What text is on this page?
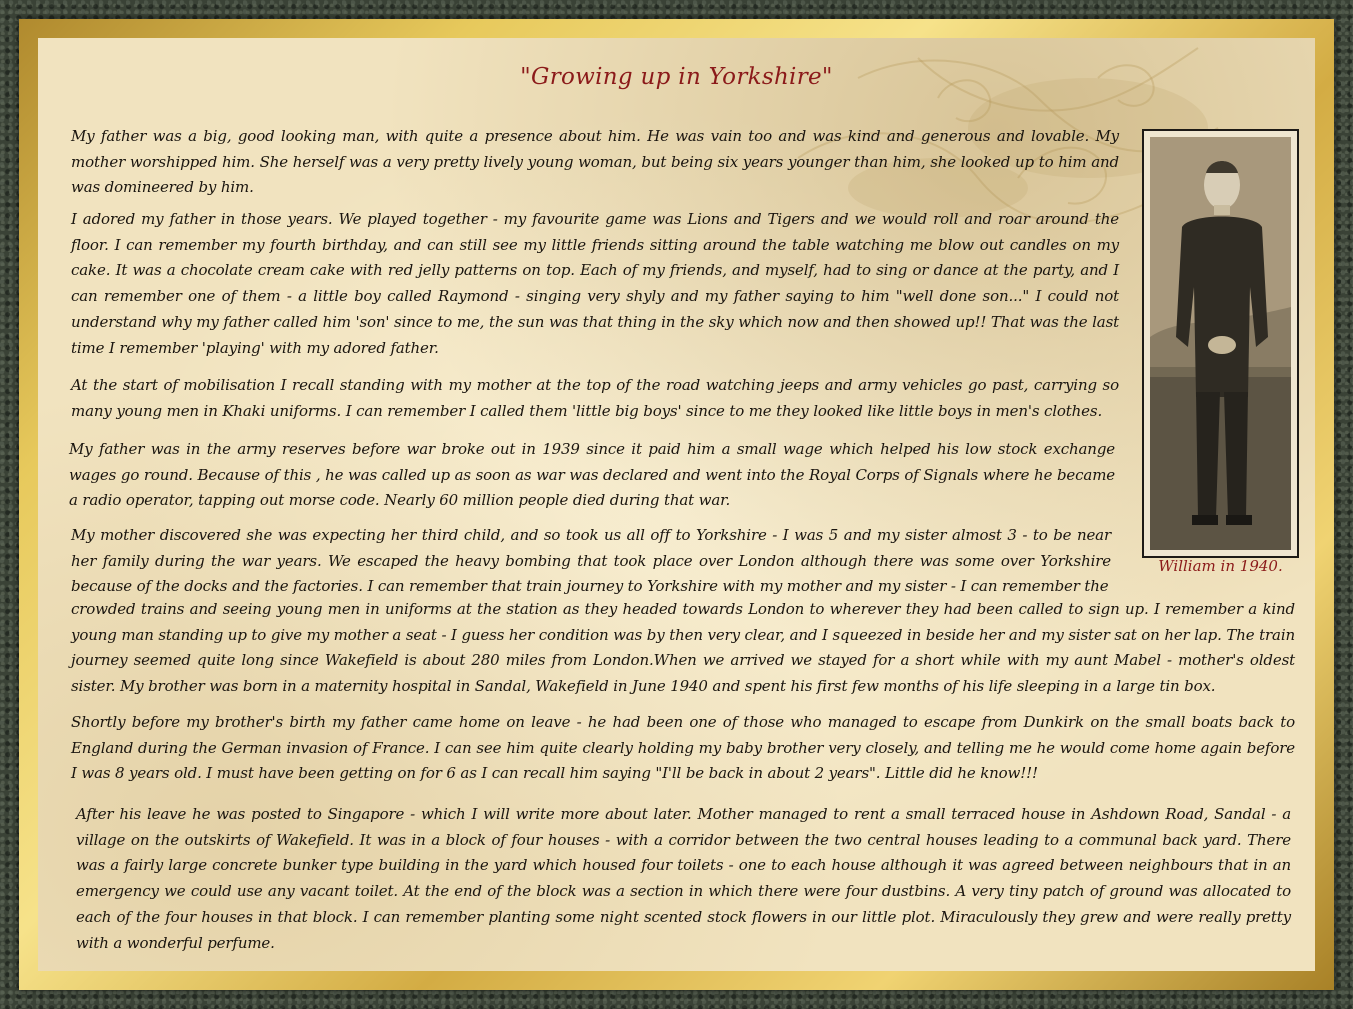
"Growing up in Yorkshire"
My father was a big, good looking man, with quite a presence about him. He was vain too and was kind and generous and lovable. My mother worshipped him. She herself was a very pretty lively young woman, but being six years younger than him, she looked up to him and was domineered by him.
I adored my father in those years. We played together - my favourite game was Lions and Tigers and we would roll and roar around the floor. I can remember my fourth birthday, and can still see my little friends sitting around the table watching me blow out candles on my cake. It was a chocolate cream cake with red jelly patterns on top. Each of my friends, and myself, had to sing or dance at the party, and I can remember one of them - a little boy called Raymond - singing very shyly and my father saying to him "well done son..." I could not understand why my father called him 'son' since to me, the sun was that thing in the sky which now and then showed up!! That was the last time I remember 'playing' with my adored father.
At the start of mobilisation I recall standing with my mother at the top of the road watching jeeps and army vehicles go past, carrying so many young men in Khaki uniforms. I can remember I called them 'little big boys' since to me they looked like little boys in men's clothes.
My father was in the army reserves before war broke out in 1939 since it paid him a small wage which helped his low stock exchange wages go round. Because of this , he was called up as soon as war was declared and went into the Royal Corps of Signals where he became a radio operator, tapping out morse code. Nearly 60 million people died during that war.
My mother discovered she was expecting her third child, and so took us all off to Yorkshire - I was 5 and my sister almost 3 - to be near her family during the war years. We escaped the heavy bombing that took place over London although there was some over Yorkshire because of the docks and the factories. I can remember that train journey to Yorkshire with my mother and my sister - I can remember the
crowded trains and seeing young men in uniforms at the station as they headed towards London to wherever they had been called to sign up. I remember a kind young man standing up to give my mother a seat - I guess her condition was by then very clear, and I squeezed in beside her and my sister sat on her lap. The train journey seemed quite long since Wakefield is about 280 miles from London.When we arrived we stayed for a short while with my aunt Mabel - mother's oldest sister. My brother was born in a maternity hospital in Sandal, Wakefield in June 1940 and spent his first few months of his life sleeping in a large tin box.
Shortly before my brother's birth my father came home on leave - he had been one of those who managed to escape from Dunkirk on the small boats back to England during the German invasion of France. I can see him quite clearly holding my baby brother very closely, and telling me he would come home again before I was 8 years old. I must have been getting on for 6 as I can recall him saying "I'll be back in about 2 years". Little did he know!!!
After his leave he was posted to Singapore - which I will write more about later. Mother managed to rent a small terraced house in Ashdown Road, Sandal - a village on the outskirts of Wakefield. It was in a block of four houses - with a corridor between the two central houses leading to a communal back yard. There was a fairly large concrete bunker type building in the yard which housed four toilets - one to each house although it was agreed between neighbours that in an emergency we could use any vacant toilet. At the end of the block was a section in which there were four dustbins. A very tiny patch of ground was allocated to each of the four houses in that block. I can remember planting some night scented stock flowers in our little plot. Miraculously they grew and were really pretty with a wonderful perfume.
William in 1940.
